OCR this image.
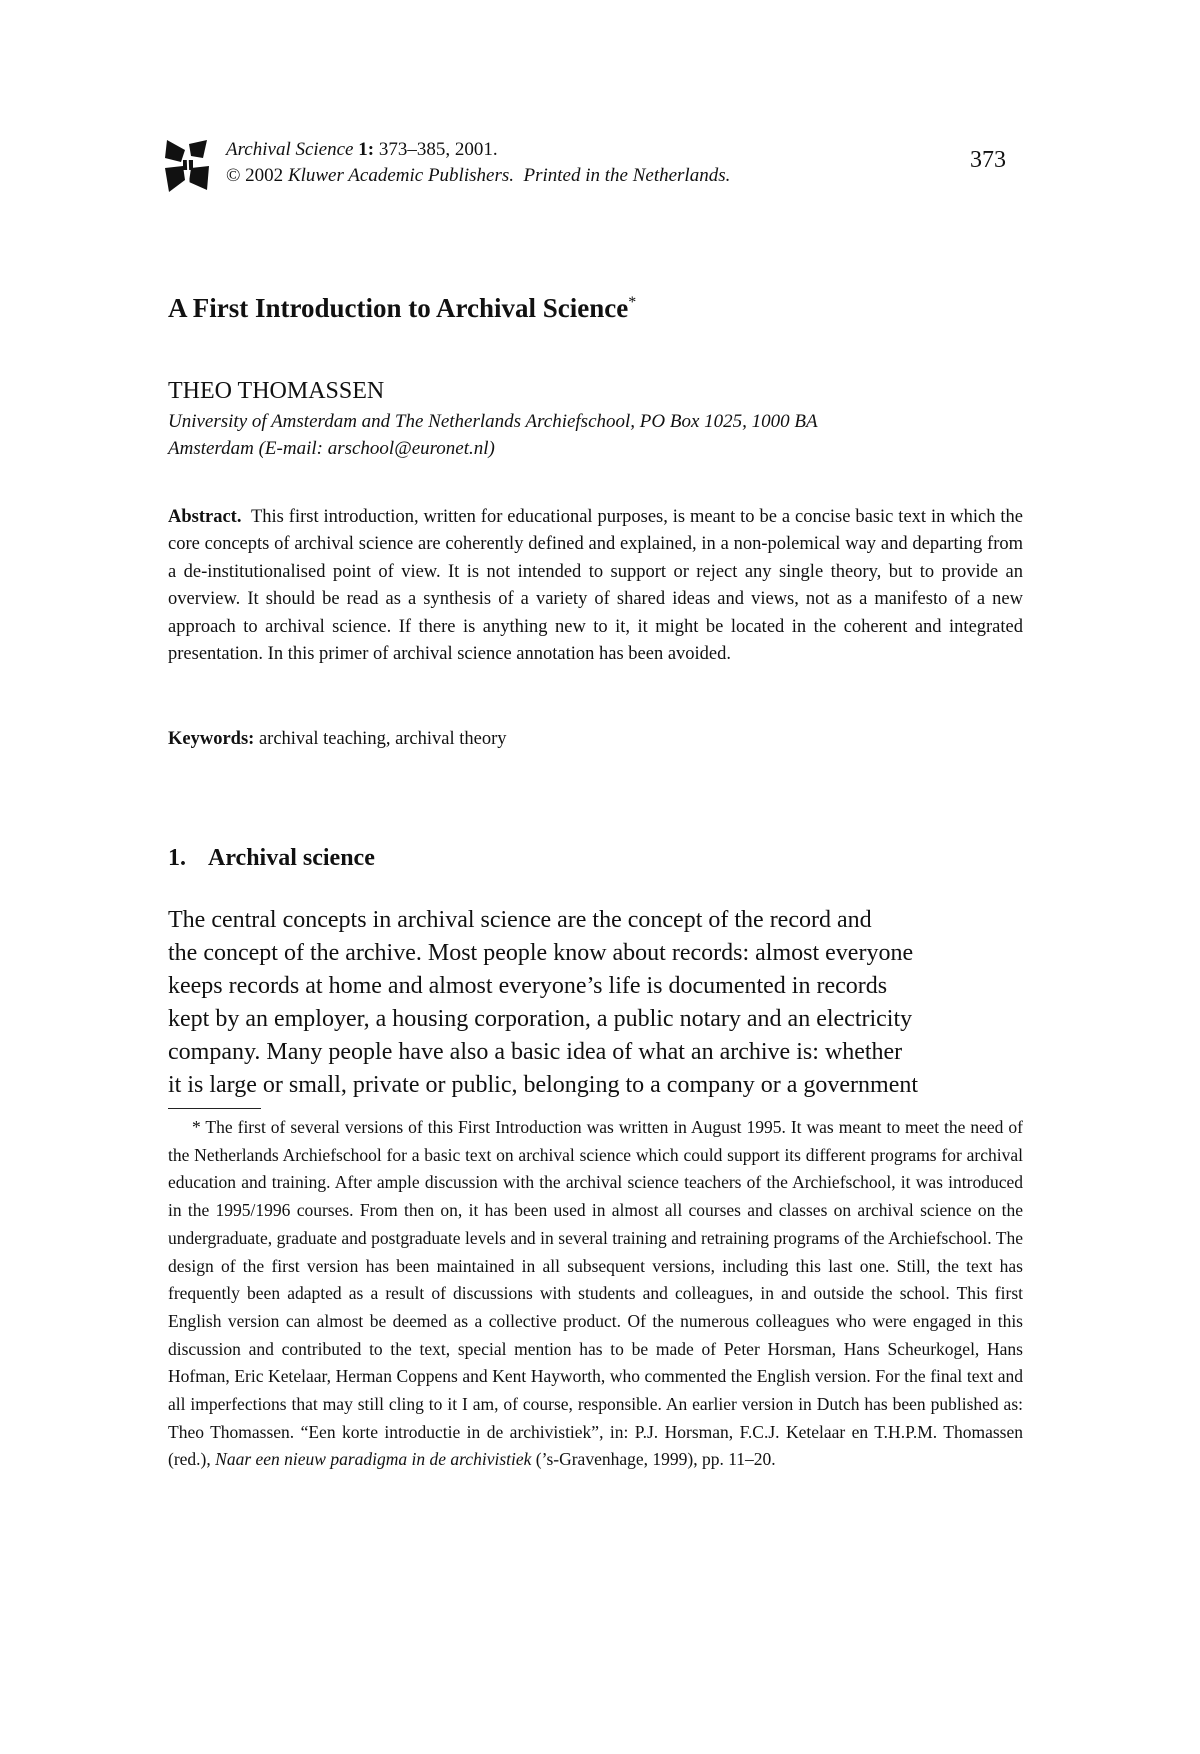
Archival Science 1: 373–385, 2001.
© 2002 Kluwer Academic Publishers. Printed in the Netherlands.
373
A First Introduction to Archival Science*
THEO THOMASSEN
University of Amsterdam and The Netherlands Archiefschool, PO Box 1025, 1000 BA
Amsterdam (E-mail: arschool@euronet.nl)
Abstract. This first introduction, written for educational purposes, is meant to be a concise basic text in which the core concepts of archival science are coherently defined and explained, in a non-polemical way and departing from a de-institutionalised point of view. It is not intended to support or reject any single theory, but to provide an overview. It should be read as a synthesis of a variety of shared ideas and views, not as a manifesto of a new approach to archival science. If there is anything new to it, it might be located in the coherent and integrated presentation. In this primer of archival science annotation has been avoided.
Keywords: archival teaching, archival theory
1. Archival science
The central concepts in archival science are the concept of the record and
the concept of the archive. Most people know about records: almost everyone
keeps records at home and almost everyone’s life is documented in records
kept by an employer, a housing corporation, a public notary and an electricity
company. Many people have also a basic idea of what an archive is: whether
it is large or small, private or public, belonging to a company or a government
* The first of several versions of this First Introduction was written in August 1995. It was meant to meet the need of the Netherlands Archiefschool for a basic text on archival science which could support its different programs for archival education and training. After ample discussion with the archival science teachers of the Archiefschool, it was introduced in the 1995/1996 courses. From then on, it has been used in almost all courses and classes on archival science on the undergraduate, graduate and postgraduate levels and in several training and retraining programs of the Archiefschool. The design of the first version has been maintained in all subsequent versions, including this last one. Still, the text has frequently been adapted as a result of discussions with students and colleagues, in and outside the school. This first English version can almost be deemed as a collective product. Of the numerous colleagues who were engaged in this discussion and contributed to the text, special mention has to be made of Peter Horsman, Hans Scheurkogel, Hans Hofman, Eric Ketelaar, Herman Coppens and Kent Hayworth, who commented the English version. For the final text and all imperfections that may still cling to it I am, of course, responsible. An earlier version in Dutch has been published as: Theo Thomassen. “Een korte introductie in de archivistiek”, in: P.J. Horsman, F.C.J. Ketelaar en T.H.P.M. Thomassen (red.), Naar een nieuw paradigma in de archivistiek (’s-Gravenhage, 1999), pp. 11–20.
